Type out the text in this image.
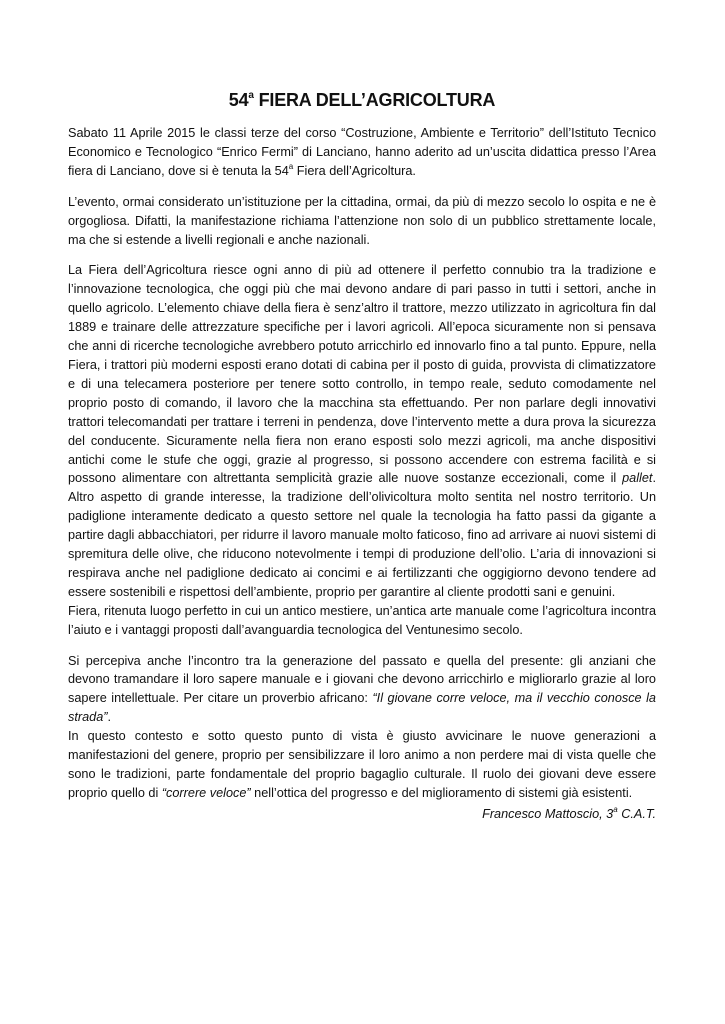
54$^a$ FIERA DELL’AGRICOLTURA

Sabato 11 Aprile 2015 le classi terze del corso “Costruzione, Ambiente e Territorio” dell’Istituto Tecnico Economico e Tecnologico “Enrico Fermi” di Lanciano, hanno aderito ad un’uscita didattica presso l’Area fiera di Lanciano, dove si è tenuta la 54$^a$ Fiera dell’Agricoltura.

L’evento, ormai considerato un’istituzione per la cittadina, ormai, da più di mezzo secolo lo ospita e ne è orgogliosa. Difatti, la manifestazione richiama l’attenzione non solo di un pubblico strettamente locale, ma che si estende a livelli regionali e anche nazionali.

La Fiera dell’Agricoltura riesce ogni anno di più ad ottenere il perfetto connubio tra la tradizione e l’innovazione tecnologica, che oggi più che mai devono andare di pari passo in tutti i settori, anche in quello agricolo. L’elemento chiave della fiera è senz’altro il trattore, mezzo utilizzato in agricoltura fin dal 1889 e trainare delle attrezzature specifiche per i lavori agricoli. All’epoca sicuramente non si pensava che anni di ricerche tecnologiche avrebbero potuto arricchirlo ed innovarlo fino a tal punto. Eppure, nella Fiera, i trattori più moderni esposti erano dotati di cabina per il posto di guida, provvista di climatizzatore e di una telecamera posteriore per tenere sotto controllo, in tempo reale, seduto comodamente nel proprio posto di comando, il lavoro che la macchina sta effettuando. Per non parlare degli innovativi trattori telecomandati per trattare i terreni in pendenza, dove l’intervento mette a dura prova la sicurezza del conducente. Sicuramente nella fiera non erano esposti solo mezzi agricoli, ma anche dispositivi antichi come le stufe che oggi, grazie al progresso, si possono accendere con estrema facilità e si possono alimentare con altrettanta semplicità grazie alle nuove sostanze eccezionali, come il pallet. Altro aspetto di grande interesse, la tradizione dell’olivicoltura molto sentita nel nostro territorio. Un padiglione interamente dedicato a questo settore nel quale la tecnologia ha fatto passi da gigante a partire dagli abbacchiatori, per ridurre il lavoro manuale molto faticoso, fino ad arrivare ai nuovi sistemi di spremitura delle olive, che riducono notevolmente i tempi di produzione dell’olio. L’aria di innovazioni si respirava anche nel padiglione dedicato ai concimi e ai fertilizzanti che oggigiorno devono tendere ad essere sostenibili e rispettosi dell’ambiente, proprio per garantire al cliente prodotti sani e genuini.

Fiera, ritenuta luogo perfetto in cui un antico mestiere, un’antica arte manuale come l’agricoltura incontra l’aiuto e i vantaggi proposti dall’avanguardia tecnologica del Ventunesimo secolo.

Si percepiva anche l’incontro tra la generazione del passato e quella del presente: gli anziani che devono tramandare il loro sapere manuale e i giovani che devono arricchirlo e migliorarlo grazie al loro sapere intellettuale. Per citare un proverbio africano: “Il giovane corre veloce, ma il vecchio conosce la strada”.

In questo contesto e sotto questo punto di vista è giusto avvicinare le nuove generazioni a manifestazioni del genere, proprio per sensibilizzare il loro animo a non perdere mai di vista quelle che sono le tradizioni, parte fondamentale del proprio bagaglio culturale. Il ruolo dei giovani deve essere proprio quello di “correre veloce” nell’ottica del progresso e del miglioramento di sistemi già esistenti.

Francesco Mattoscio, 3$^a$ C.A.T.
